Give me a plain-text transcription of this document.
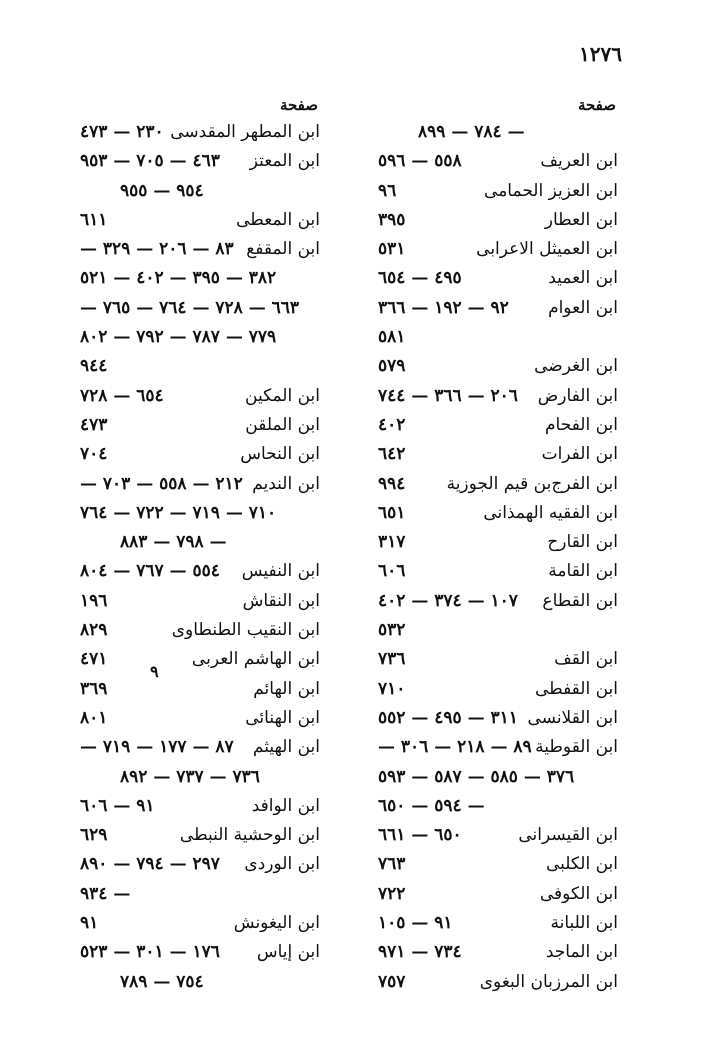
١٢٧٦
صفحة
— ٧٨٤ — ٨٩٩
ابن العريف
٥٥٨ — ٥٩٦
ابن العزيز الحمامى
٩٦
ابن العطار
٣٩٥
ابن العميثل الاعرابى
٥٣١
ابن العميد
٤٩٥ — ٦٥٤
ابن العوام
٩٢ — ١٩٢ — ٣٦٦
٥٨١
ابن الغرضى
٥٧٩
ابن الفارض
٢٠٦ — ٣٦٦ — ٧٤٤
ابن الفحام
٤٠٢
ابن الفرات
٦٤٢
ابن الفرج‌بن قيم الجوزية
٩٩٤
ابن الفقيه الهمذانى
٦٥١
ابن القارح
٣١٧
ابن القامة
٦٠٦
ابن القطاع
١٠٧ — ٣٧٤ — ٤٠٢
٥٣٢
ابن القف
٧٣٦
ابن القفطى
٧١٠
ابن القلانسى
٣١١ — ٤٩٥ — ٥٥٢
ابن القوطية
٨٩ — ٢١٨ — ٣٠٦ —
٣٧٦ — ٥٨٥ — ٥٨٧ — ٥٩٣
— ٥٩٤ — ٦٥٠
ابن القيسرانى
٦٥٠ — ٦٦١
ابن الكلبى
٧٦٣
ابن الكوفى
٧٢٢
ابن اللبانة
٩١ — ١٠٥
ابن الماجد
٧٣٤ — ٩٧١
ابن المرزبان البغوى
٧٥٧
صفحة
ابن المطهر المقدسى
٢٣٠ — ٤٧٣
ابن المعتز
٤٦٣ — ٧٠٥ — ٩٥٣
٩٥٤ — ٩٥٥
ابن المعطى
٦١١
ابن المقفع
٨٣ — ٢٠٦ — ٣٢٩ —
٣٨٢ — ٣٩٥ — ٤٠٢ — ٥٢١
٦٦٣ — ٧٢٨ — ٧٦٤ — ٧٦٥ —
٧٧٩ — ٧٨٧ — ٧٩٢ — ٨٠٢
٩٤٤
ابن المكين
٦٥٤ — ٧٢٨
ابن الملقن
٤٧٣
ابن النحاس
٧٠٤
ابن النديم
٢١٢ — ٥٥٨ — ٧٠٣ —
٧١٠ — ٧١٩ — ٧٢٢ — ٧٦٤
— ٧٩٨ — ٨٨٣
ابن النفيس
٥٥٤ — ٧٦٧ — ٨٠٤
ابن النقاش
١٩٦
ابن النقيب الطنطاوى
٨٢٩
ابن الهاشم العربى
٤٧١
ابن الهائم
٣٦٩
ابن الهنائى
٨٠١
ابن الهيثم
٨٧ — ١٧٧ — ٧١٩ —
٧٣٦ — ٧٣٧ — ٨٩٢
ابن الوافد
٩١ — ٦٠٦
ابن الوحشية النبطى
٦٢٩
ابن الوردى
٢٩٧ — ٧٩٤ — ٨٩٠
— ٩٣٤
ابن اليغونش
٩١
ابن إياس
١٧٦ — ٣٠١ — ٥٢٣
٧٥٤ — ٧٨٩
٩
